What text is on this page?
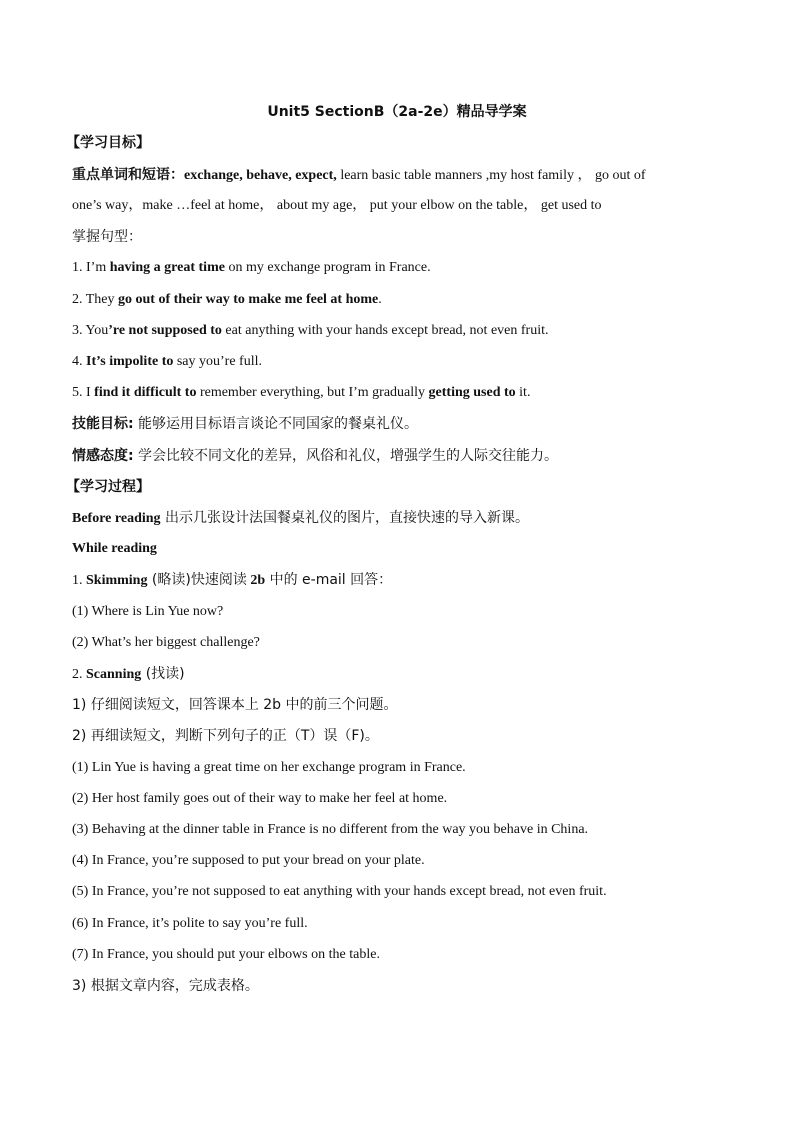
Unit5 SectionB（2a-2e）精品导学案
【学习目标】
重点单词和短语：exchange, behave, expect, learn basic table manners ,my host family ， go out of
one’s way，make …feel at home， about my age， put your elbow on the table， get used to
掌握句型：
1. I’m having a great time on my exchange program in France.
2. They go out of their way to make me feel at home.
3. You’re not supposed to eat anything with your hands except bread, not even fruit.
4. It’s impolite to say you’re full.
5. I find it difficult to remember everything, but I’m gradually getting used to it.
技能目标: 能够运用目标语言谈论不同国家的餐桌礼仪。
情感态度: 学会比较不同文化的差异，风俗和礼仪，增强学生的人际交往能力。
【学习过程】
Before reading 出示几张设计法国餐桌礼仪的图片，直接快速的导入新课。
While reading
1. Skimming (略读)快速阅读 2b 中的 e-mail 回答：
(1) Where is Lin Yue now?
(2) What’s her biggest challenge?
2. Scanning (找读)
1) 仔细阅读短文，回答课本上 2b 中的前三个问题。
2) 再细读短文，判断下列句子的正（T）误（F)。
(1) Lin Yue is having a great time on her exchange program in France.
(2) Her host family goes out of their way to make her feel at home.
(3) Behaving at the dinner table in France is no different from the way you behave in China.
(4) In France, you’re supposed to put your bread on your plate.
(5) In France, you’re not supposed to eat anything with your hands except bread, not even fruit.
(6) In France, it’s polite to say you’re full.
(7) In France, you should put your elbows on the table.
3) 根据文章内容，完成表格。
